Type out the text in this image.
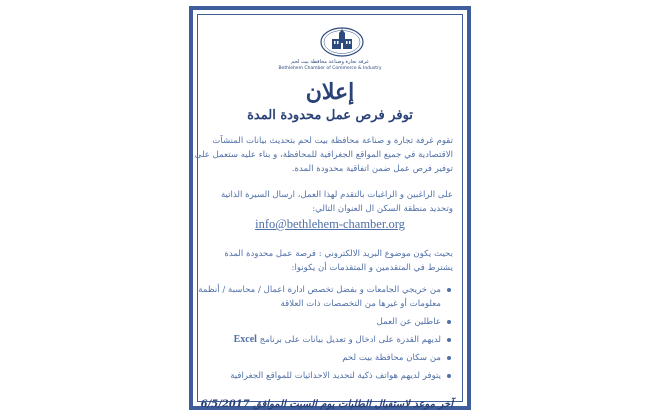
غرفة تجارة وصناعة محافظة بيت لحم
Bethlehem Chamber of Commerce & Industry
إعلان
توفر فرص عمل محدودة المدة
تقوم غرفة تجارة و صناعة محافظة بيت لحم بتحديث بيانات المنشآت
الاقتصادية في جميع المواقع الجغرافية للمحافظة، و بناء عليه ستعمل على
توفير فرص عمل ضمن اتفاقية محدودة المدة.
على الراغبين و الراغبات بالتقدم لهذا العمل، ارسال السيرة الذاتية
وتحديد منطقة السكن ال العنوان التالي:
info@bethlehem-chamber.org
بحيث يكون موضوع البريد الالكتروني : فرصة عمل محدودة المدة
يشترط في المتقدمين و المتقدمات أن يكونوا:
من خريجي الجامعات و بفضل تخصص ادارة اعمال / محاسبة / أنظمة
معلومات أو غيرها من التخصصات ذات العلاقة
عاطلين عن العمل
لديهم القدرة على ادخال و تعديل بيانات على برنامج Excel
من سكان محافظة بيت لحم
يتوفر لديهم هواتف ذكية لتحديد الاحداثيات للمواقع الجغرافية
آخر موعد لاستقبال الطلبات يوم السبت الموافق 6/5/2017
